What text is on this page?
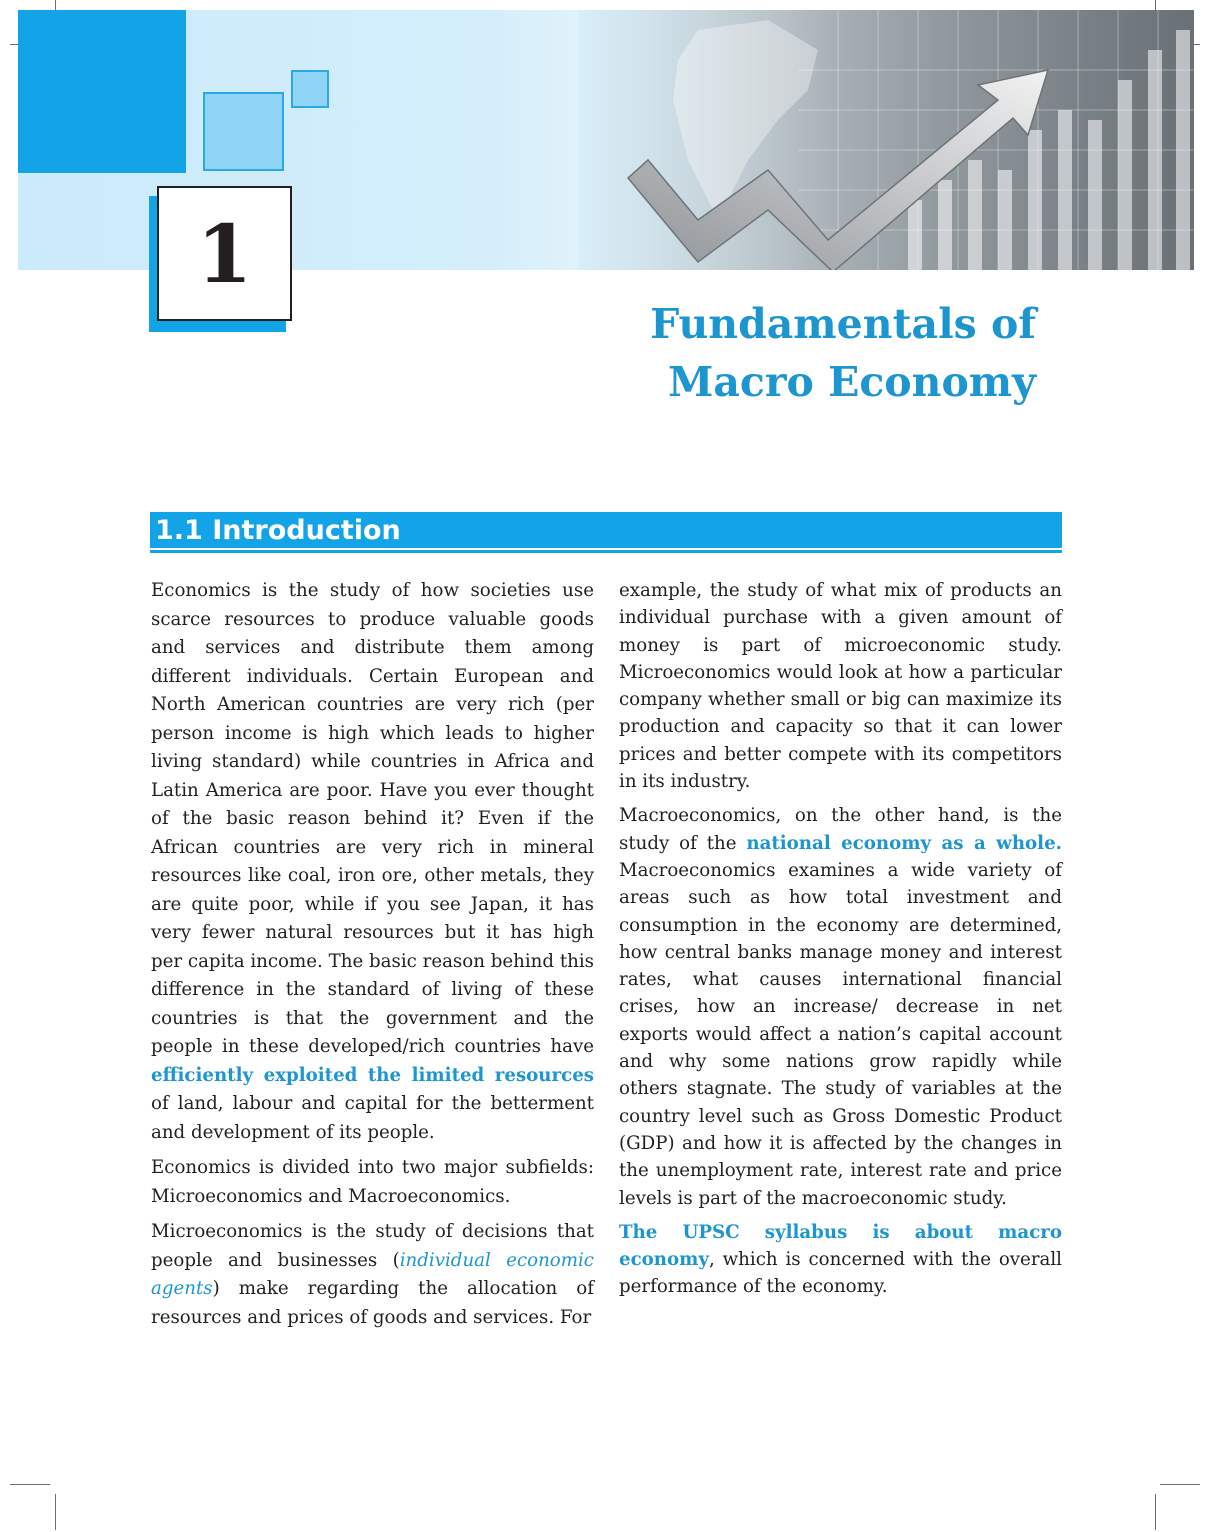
1
Fundamentals of
Macro Economy
1.1 Introduction

Economics is the study of how societies use scarce resources to produce valuable goods and services and distribute them among different individuals. Certain European and North American countries are very rich (per person income is high which leads to higher living standard) while countries in Africa and Latin America are poor. Have you ever thought of the basic reason behind it? Even if the African countries are very rich in mineral resources like coal, iron ore, other metals, they are quite poor, while if you see Japan, it has very fewer natural resources but it has high per capita income. The basic reason behind this difference in the standard of living of these countries is that the government and the people in these developed/rich countries have efficiently exploited the limited resources of land, labour and capital for the betterment and development of its people.

Economics is divided into two major subfields: Microeconomics and Macroeconomics.

Microeconomics is the study of decisions that people and businesses (individual economic agents) make regarding the allocation of resources and prices of goods and services. For

example, the study of what mix of products an individual purchase with a given amount of money is part of microeconomic study. Microeconomics would look at how a particular company whether small or big can maximize its production and capacity so that it can lower prices and better compete with its competitors in its industry.

Macroeconomics, on the other hand, is the study of the national economy as a whole. Macroeconomics examines a wide variety of areas such as how total investment and consumption in the economy are determined, how central banks manage money and interest rates, what causes international financial crises, how an increase/ decrease in net exports would affect a nation’s capital account and why some nations grow rapidly while others stagnate. The study of variables at the country level such as Gross Domestic Product (GDP) and how it is affected by the changes in the unemployment rate, interest rate and price levels is part of the macroeconomic study.

The UPSC syllabus is about macro economy, which is concerned with the overall performance of the economy.
